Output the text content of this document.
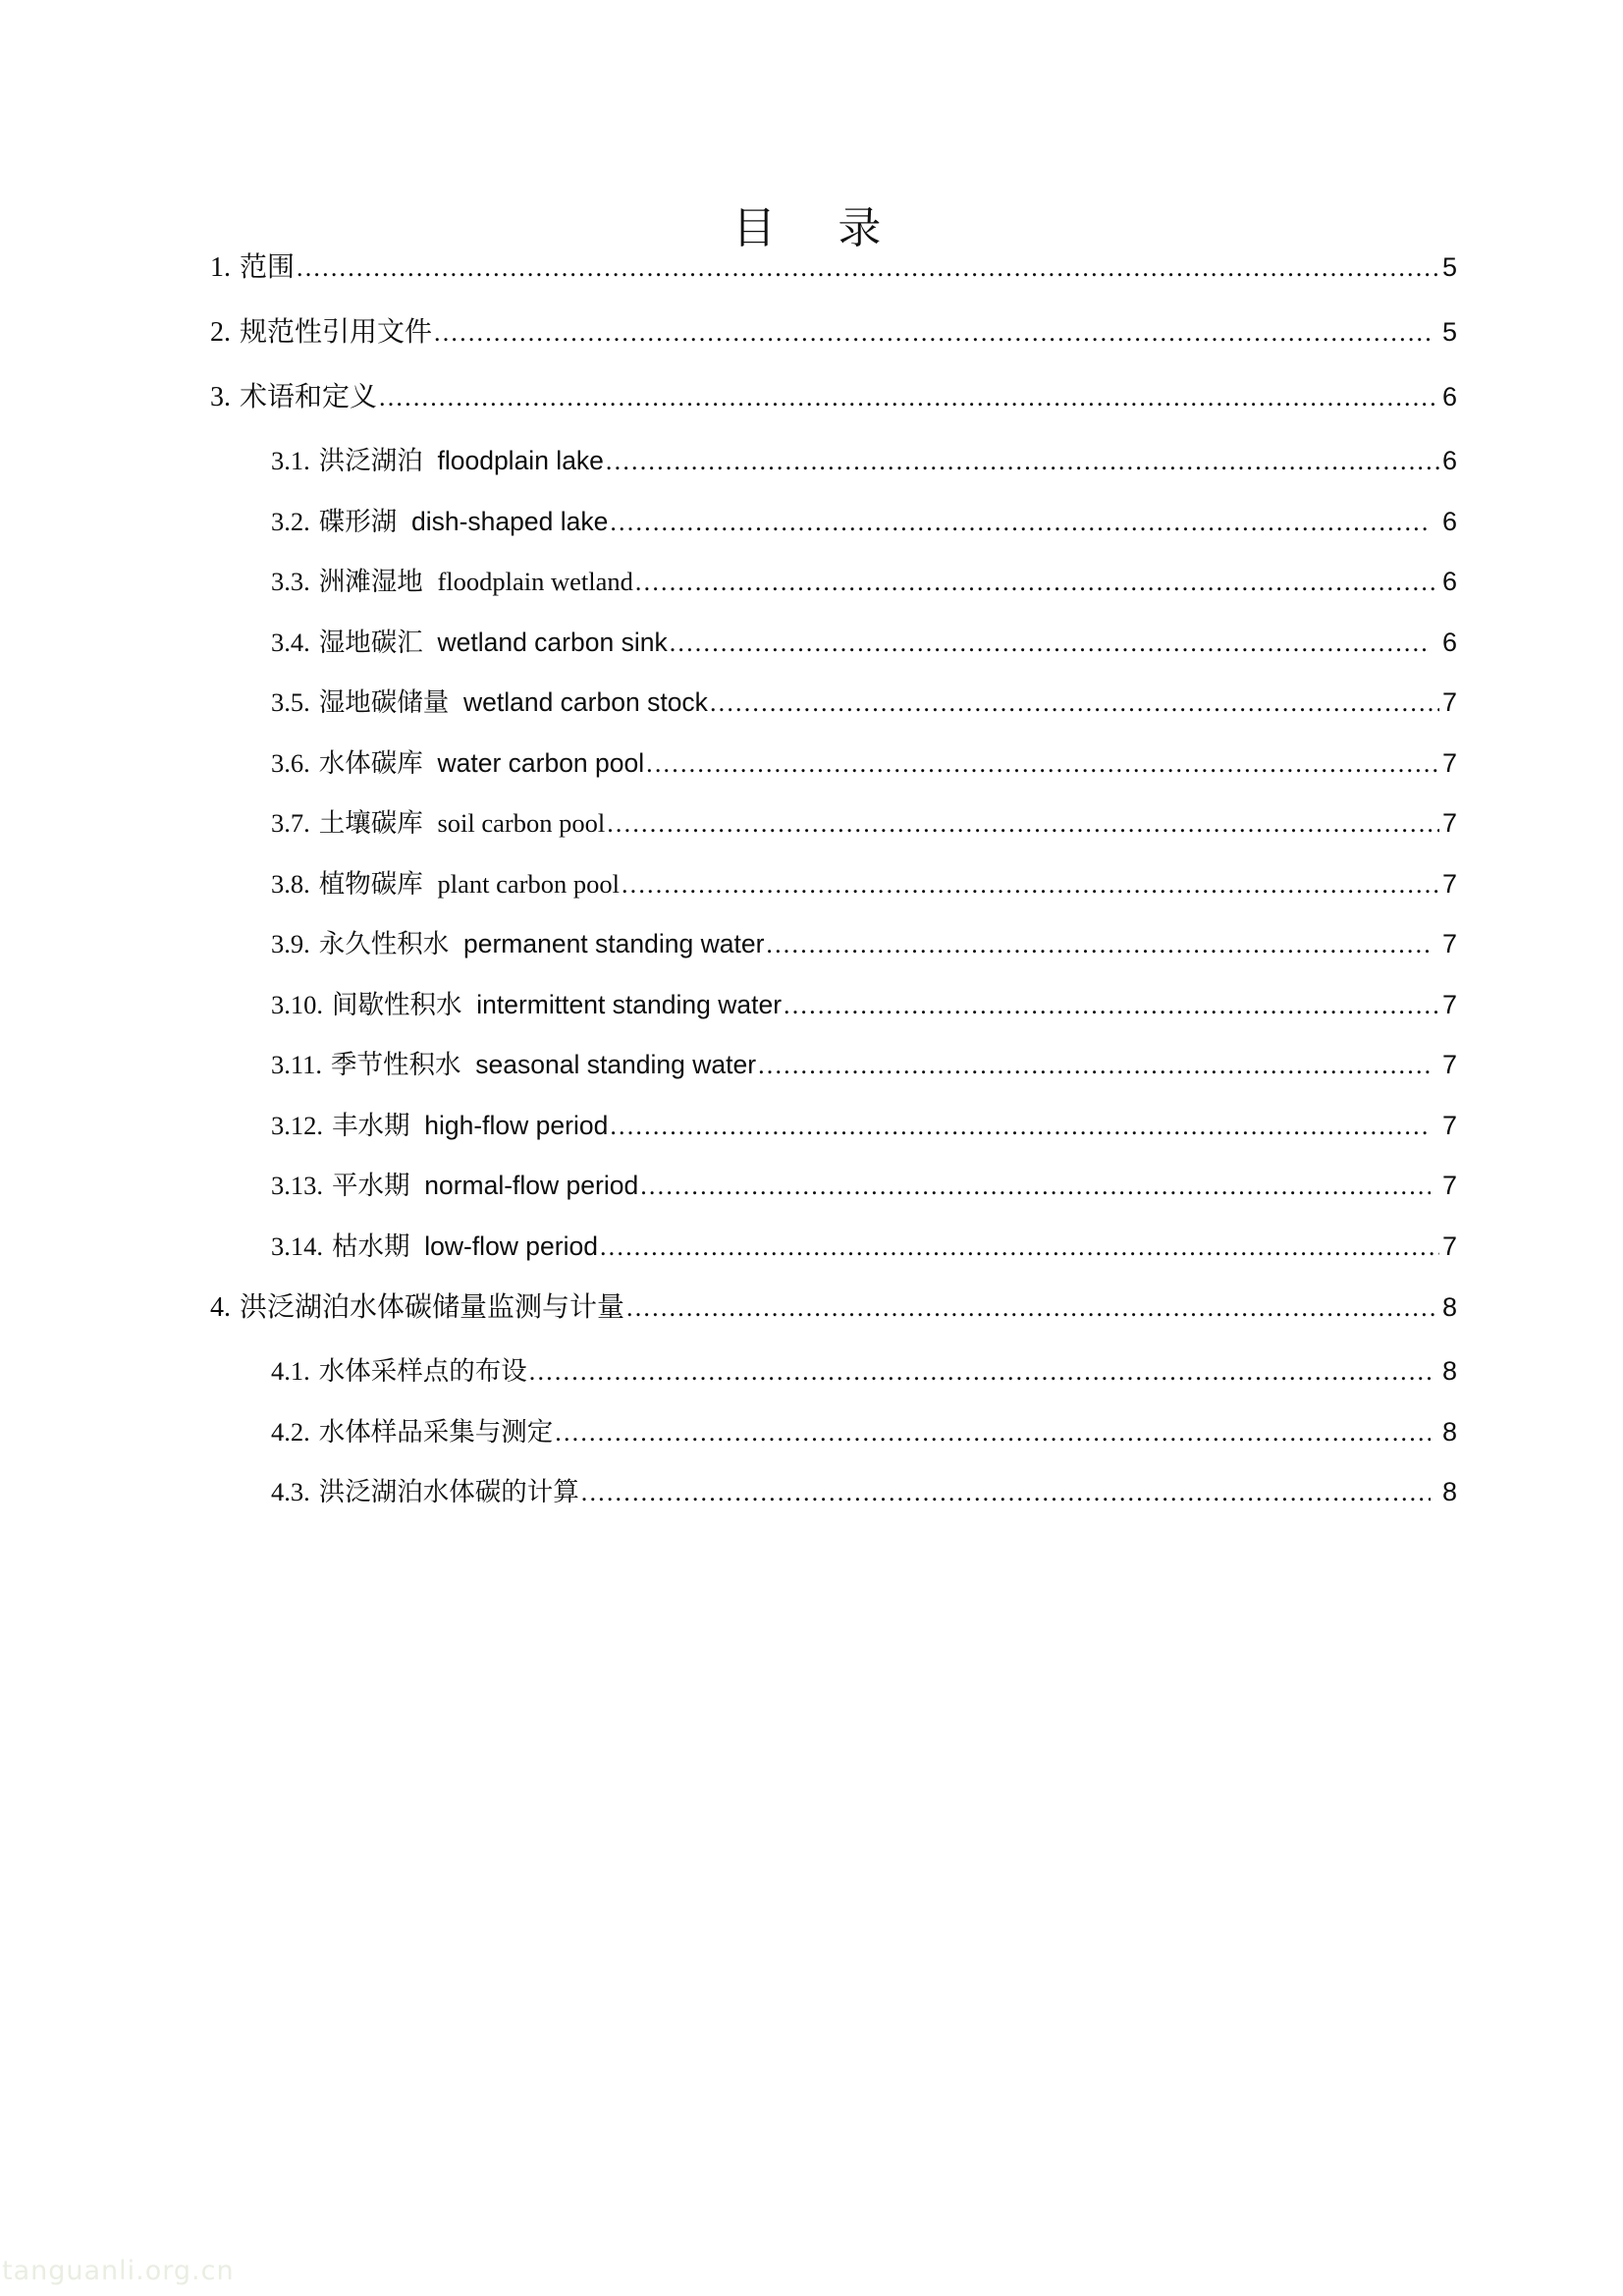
目　录
1. 范围 .....	5
2. 规范性引用文件 .....	5
3. 术语和定义 .....	6
3.1. 洪泛湖泊 floodplain lake .....	6
3.2. 碟形湖 dish-shaped lake .....	6
3.3. 洲滩湿地 floodplain wetland .....	6
3.4. 湿地碳汇 wetland carbon sink .....	6
3.5. 湿地碳储量 wetland carbon stock .....	7
3.6. 水体碳库 water carbon pool .....	7
3.7. 土壤碳库 soil carbon pool .....	7
3.8. 植物碳库 plant carbon pool .....	7
3.9. 永久性积水 permanent standing water .....	7
3.10. 间歇性积水 intermittent standing water .....	7
3.11. 季节性积水 seasonal standing water .....	7
3.12. 丰水期 high-flow period .....	7
3.13. 平水期 normal-flow period .....	7
3.14. 枯水期 low-flow period .....	7
4. 洪泛湖泊水体碳储量监测与计量 .....	8
4.1. 水体采样点的布设 .....	8
4.2. 水体样品采集与测定 .....	8
4.3. 洪泛湖泊水体碳的计算 .....	8
tanguanli.org.cn
